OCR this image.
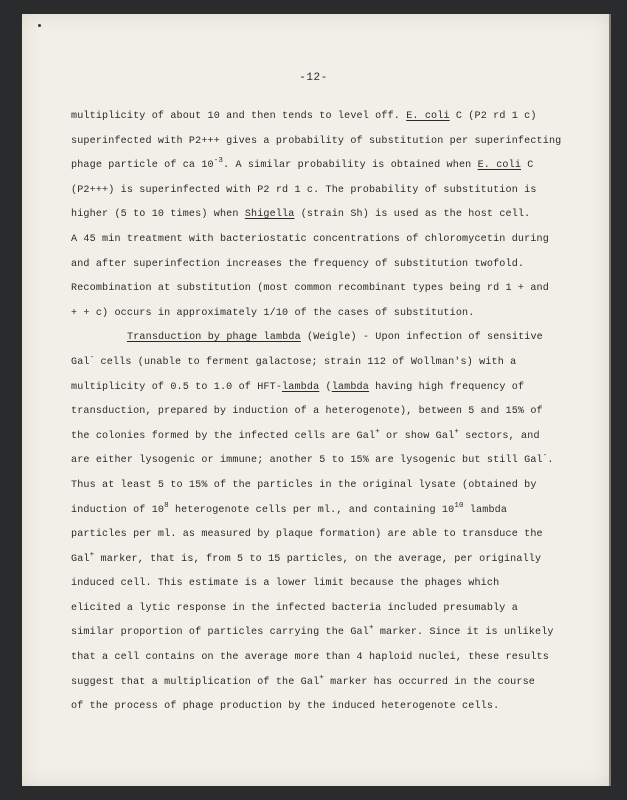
-12-
multiplicity of about 10 and then tends to level off. E. coli C (P2 rd 1 c)
superinfected with P2+++ gives a probability of substitution per superinfecting
phage particle of ca $10^{-3}$. A similar probability is obtained when E. coli C
(P2+++) is superinfected with P2 rd 1 c. The probability of substitution is
higher (5 to 10 times) when Shigella (strain Sh) is used as the host cell.
A 45 min treatment with bacteriostatic concentrations of chloromycetin during
and after superinfection increases the frequency of substitution twofold.
Recombination at substitution (most common recombinant types being rd 1 + and
+ + c) occurs in approximately 1/10 of the cases of substitution.
Transduction by phage lambda (Weigle) - Upon infection of sensitive
Gal- cells (unable to ferment galactose; strain 112 of Wollman's) with a
multiplicity of 0.5 to 1.0 of HFT-lambda (lambda having high frequency of
transduction, prepared by induction of a heterogenote), between 5 and 15% of
the colonies formed by the infected cells are Gal+ or show Gal+ sectors, and
are either lysogenic or immune; another 5 to 15% are lysogenic but still Gal-.
Thus at least 5 to 15% of the particles in the original lysate (obtained by
induction of $10^8$ heterogenote cells per ml., and containing $10^{10}$ lambda
particles per ml. as measured by plaque formation) are able to transduce the
Gal+ marker, that is, from 5 to 15 particles, on the average, per originally
induced cell. This estimate is a lower limit because the phages which
elicited a lytic response in the infected bacteria included presumably a
similar proportion of particles carrying the Gal+ marker. Since it is unlikely
that a cell contains on the average more than 4 haploid nuclei, these results
suggest that a multiplication of the Gal+ marker has occurred in the course
of the process of phage production by the induced heterogenote cells.
